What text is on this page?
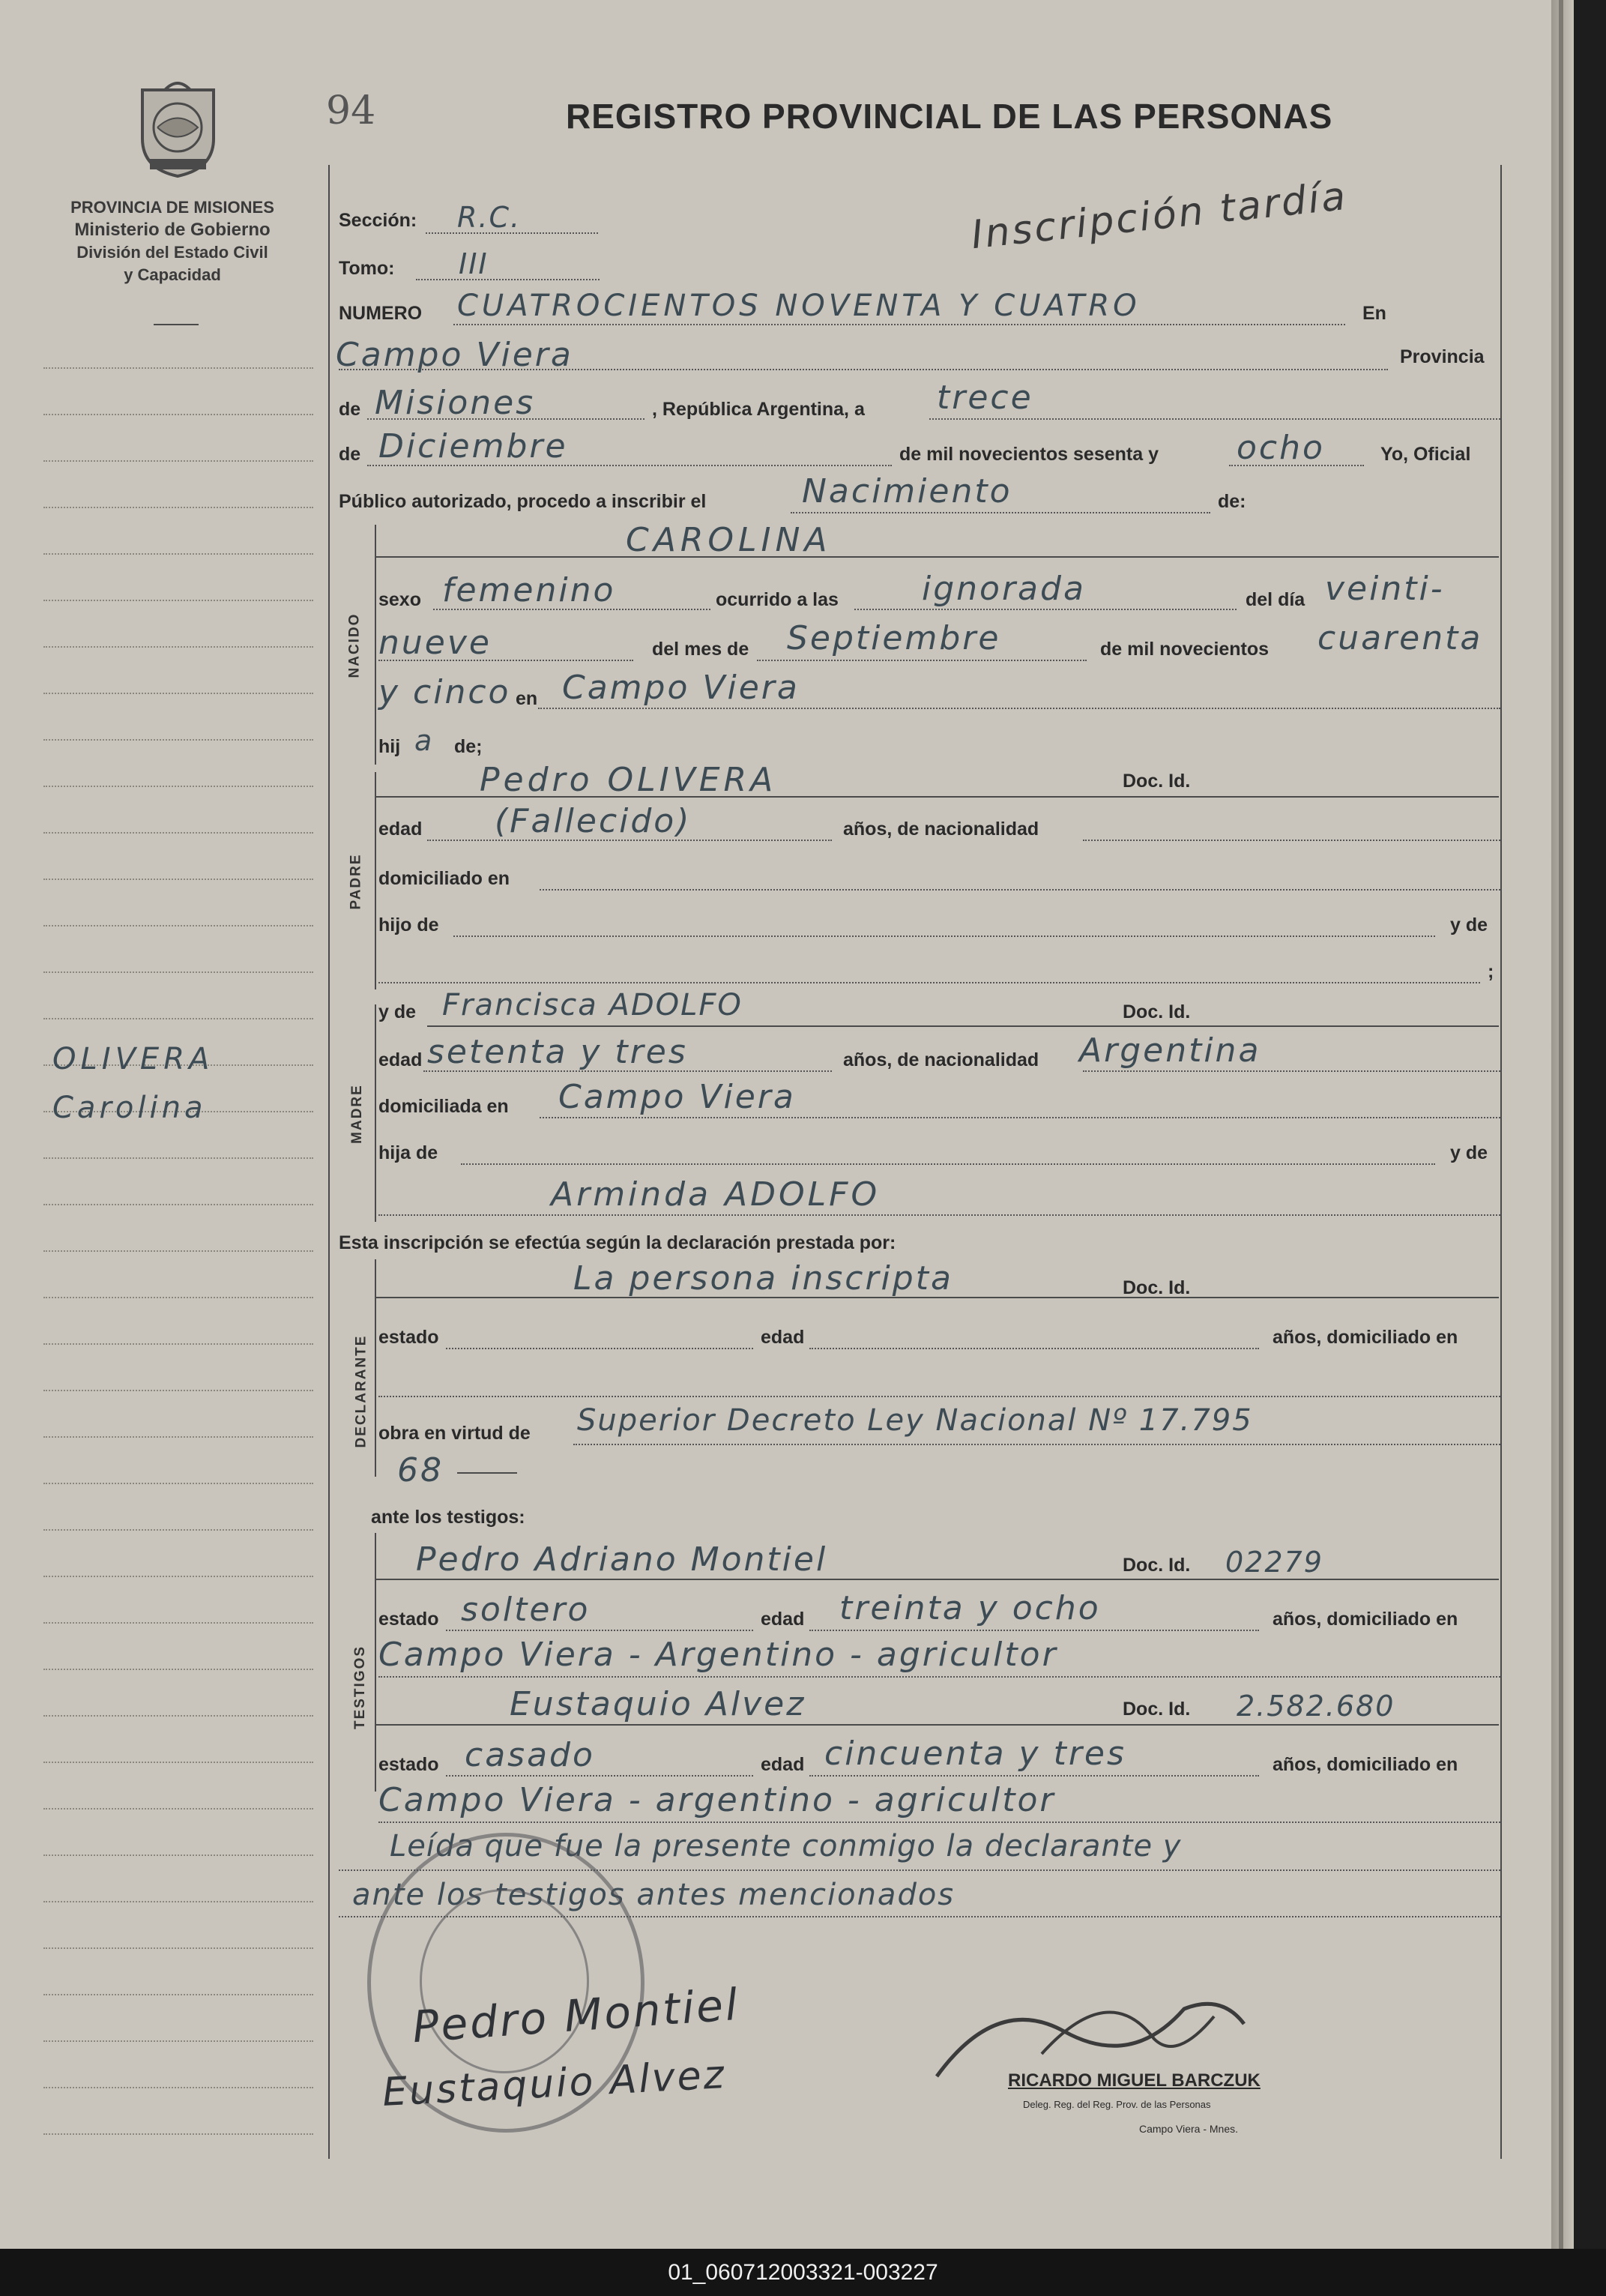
PROVINCIA DE MISIONES
Ministerio de Gobierno
División del Estado Civil
y Capacidad
94	REGISTRO PROVINCIAL DE LAS PERSONAS
Inscripción tardía
OLIVERA
Carolina
Sección: R.C.
Tomo: III
NUMERO CUATROCIENTOS NOVENTA Y CUATRO	En
Campo Viera	Provincia
de Misiones	, República Argentina, a trece
de Diciembre	de mil novecientos sesenta y ocho	Yo, Oficial
Público autorizado, procedo a inscribir el	Nacimiento	de:
NACIDO
CAROLINA
sexo femenino	ocurrido a las	ignorada	del día veinti-
nueve	del mes de Septiembre	de mil novecientos cuarenta
y cinco en Campo Viera
hij a de;
PADRE
Pedro OLIVERA	Doc. Id.
edad (Fallecido)	años, de nacionalidad
domiciliado en
hijo de	y de
;
MADRE
y de Francisca ADOLFO	Doc. Id.
edad setenta y tres	años, de nacionalidad Argentina
domiciliada en Campo Viera
hija de	y de
Arminda ADOLFO
Esta inscripción se efectúa según la declaración prestada por:
DECLARANTE
La persona inscripta	Doc. Id.
estado	edad	años, domiciliado en
obra en virtud de Superior Decreto Ley Nacional Nº 17.795
68
ante los testigos:
TESTIGOS
Pedro Adriano Montiel	Doc. Id. 02279
estado soltero	edad treinta y ocho	años, domiciliado en
Campo Viera - Argentino - agricultor
Eustaquio Alvez	Doc. Id. 2.582.680
estado casado	edad cincuenta y tres	años, domiciliado en
Campo Viera - argentino - agricultor
Leída que fue la presente conmigo la declarante y
ante los testigos antes mencionados
Pedro Montiel
Eustaquio Alvez	RICARDO MIGUEL BARCZUK
Deleg. Reg. del Reg. Prov. de las Personas
Campo Viera - Mnes.
01_060712003321-003227
